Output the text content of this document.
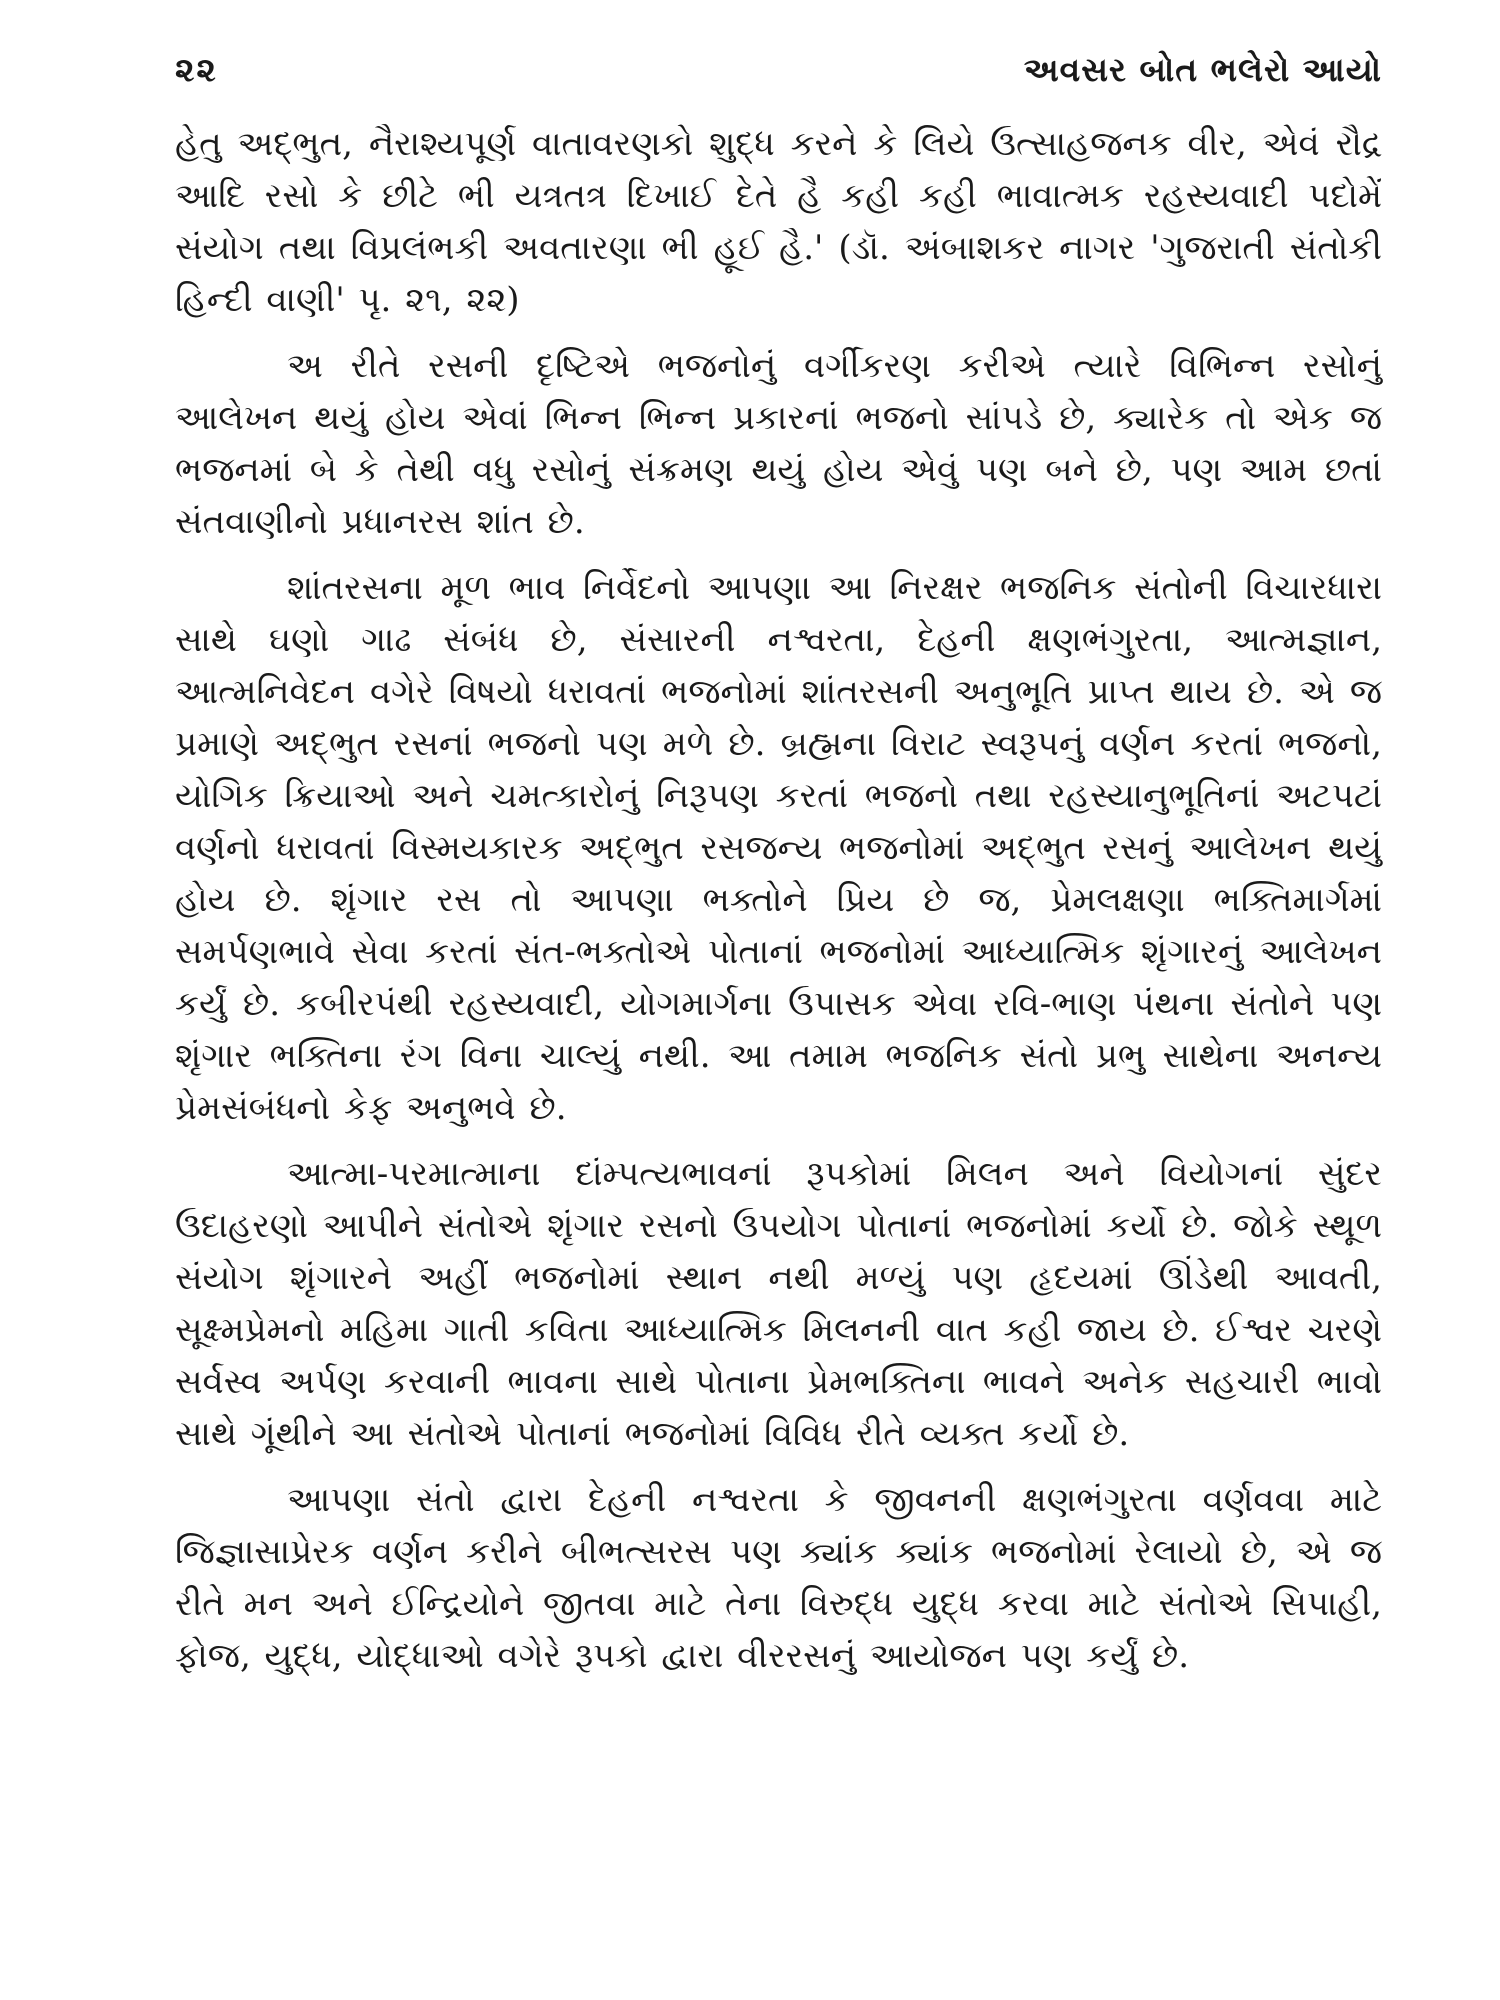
૨૨	અવસર બોત ભલેરો આયો

હેતુ અદ્ભુત, નૈરાશ્યપૂર્ણ વાતાવરણકો શુદ્ધ કરને કે લિયે ઉત્સાહજનક વીર, એવં રૌદ્ર આદિ રસો કે છીટે ભી યત્રતત્ર દિખાઈ દેતે હૈ કહી કહી ભાવાત્મક રહસ્યવાદી પદોમેં સંયોગ તથા વિપ્રલંભકી અવતારણા ભી હૂઈ હૈ.' (ડૉ. અંબાશકર નાગર 'ગુજરાતી સંતોકી હિન્દી વાણી' પૃ. ૨૧, ૨૨)

અ રીતે રસની દૃષ્ટિએ ભજનોનું વર્ગીકરણ કરીએ ત્યારે વિભિન્ન રસોનું આલેખન થયું હોય એવાં ભિન્ન ભિન્ન પ્રકારનાં ભજનો સાંપડે છે, ક્યારેક તો એક જ ભજનમાં બે કે તેથી વધુ રસોનું સંક્રમણ થયું હોય એવું પણ બને છે, પણ આમ છતાં સંતવાણીનો પ્રધાનરસ શાંત છે.

શાંતરસના મૂળ ભાવ નિર્વેદનો આપણા આ નિરક્ષર ભજનિક સંતોની વિચારધારા સાથે ઘણો ગાઢ સંબંધ છે, સંસારની નશ્વરતા, દેહની ક્ષણભંગુરતા, આત્મજ્ઞાન, આત્મનિવેદન વગેરે વિષયો ધરાવતાં ભજનોમાં શાંતરસની અનુભૂતિ પ્રાપ્ત થાય છે. એ જ પ્રમાણે અદ્ભુત રસનાં ભજનો પણ મળે છે. બ્રહ્મના વિરાટ સ્વરૂપનું વર્ણન કરતાં ભજનો, યોગિક ક્રિયાઓ અને ચમત્કારોનું નિરૂપણ કરતાં ભજનો તથા રહસ્યાનુભૂતિનાં અટપટાં વર્ણનો ધરાવતાં વિસ્મયકારક અદ્ભુત રસજન્ય ભજનોમાં અદ્ભુત રસનું આલેખન થયું હોય છે. શૃંગાર રસ તો આપણા ભક્તોને પ્રિય છે જ, પ્રેમલક્ષણા ભક્તિમાર્ગમાં સમર્પણભાવે સેવા કરતાં સંત-ભક્તોએ પોતાનાં ભજનોમાં આધ્યાત્મિક શૃંગારનું આલેખન કર્યું છે. કબીરપંથી રહસ્યવાદી, યોગમાર્ગના ઉપાસક એવા રવિ-ભાણ પંથના સંતોને પણ શૃંગાર ભક્તિના રંગ વિના ચાલ્યું નથી. આ તમામ ભજનિક સંતો પ્રભુ સાથેના અનન્ય પ્રેમસંબંધનો કેફ અનુભવે છે.

આત્મા-પરમાત્માના દાંમ્પત્યભાવનાં રૂપકોમાં મિલન અને વિયોગનાં સુંદર ઉદાહરણો આપીને સંતોએ શૃંગાર રસનો ઉપયોગ પોતાનાં ભજનોમાં કર્યો છે. જોકે સ્થૂળ સંયોગ શૃંગારને અહીં ભજનોમાં સ્થાન નથી મળ્યું પણ હૃદયમાં ઊંડેથી આવતી, સૂક્ષ્મપ્રેમનો મહિમા ગાતી કવિતા આધ્યાત્મિક મિલનની વાત કહી જાય છે. ઈશ્વર ચરણે સર્વસ્વ અર્પણ કરવાની ભાવના સાથે પોતાના પ્રેમભક્તિના ભાવને અનેક સહચારી ભાવો સાથે ગૂંથીને આ સંતોએ પોતાનાં ભજનોમાં વિવિધ રીતે વ્યક્ત કર્યો છે.

આપણા સંતો દ્વારા દેહની નશ્વરતા કે જીવનની ક્ષણભંગુરતા વર્ણવવા માટે જિજ્ઞાસાપ્રેરક વર્ણન કરીને બીભત્સરસ પણ ક્યાંક ક્યાંક ભજનોમાં રેલાયો છે, એ જ રીતે મન અને ઈન્દ્રિયોને જીતવા માટે તેના વિરુદ્ધ યુદ્ધ કરવા માટે સંતોએ સિપાહી, ફોજ, યુદ્ધ, યોદ્ધાઓ વગેરે રૂપકો દ્વારા વીરરસનું આયોજન પણ કર્યું છે.
